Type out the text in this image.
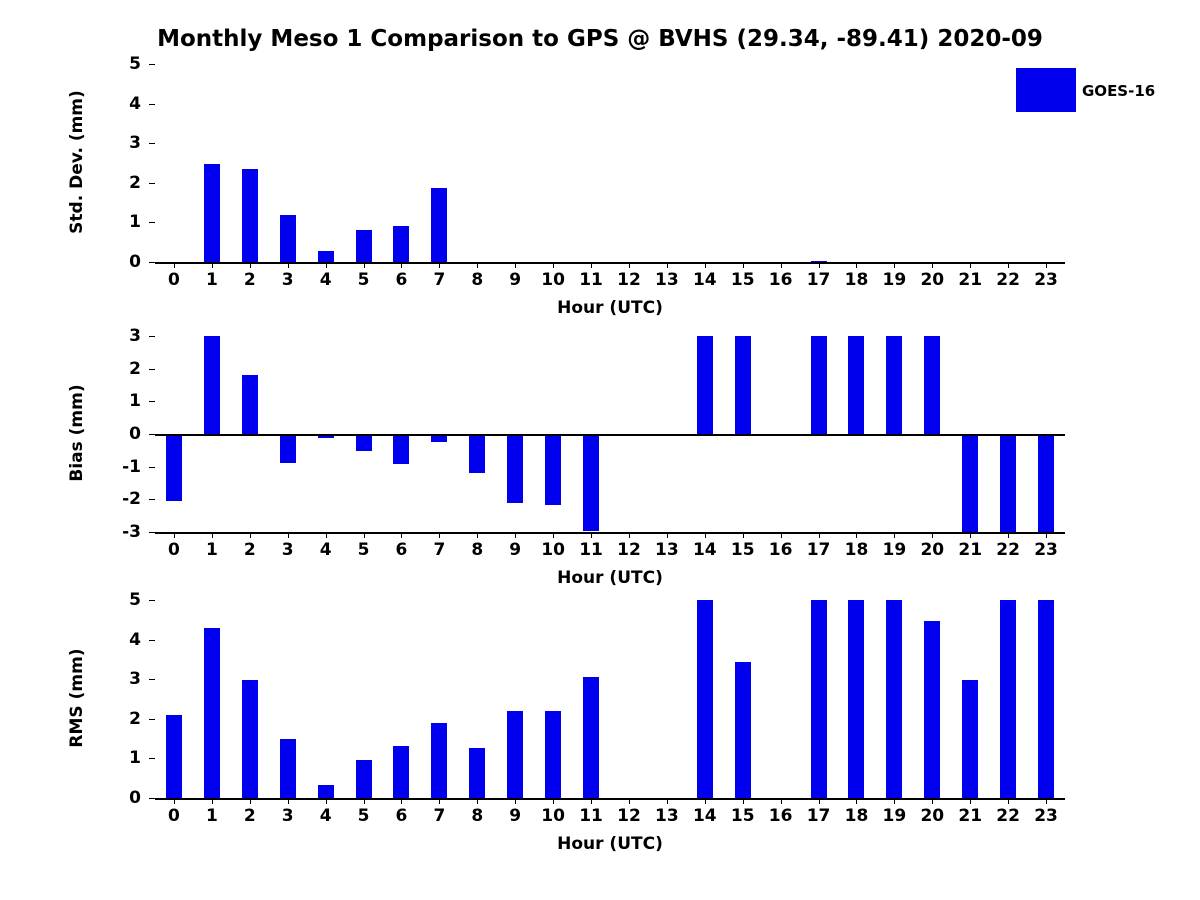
Monthly Meso 1 Comparison to GPS @ BVHS (29.34, -89.41) 2020-09
0
1
2
3
4
5
0	1	2	3	4	5	6	7	8	9	10 11 12 13 14 15 16 17 18 19 20 21 22 23
Hour (UTC)
Std. Dev. (mm)
-3
-2
-1
0
1
2
3
0	1	2	3	4	5	6	7	8	9	10 11 12 13 14 15 16 17 18 19 20 21 22 23
Hour (UTC)
Bias (mm)
0
1
2
3
4
5
0	1	2	3	4	5	6	7	8	9	10 11 12 13 14 15 16 17 18 19 20 21 22 23
Hour (UTC)
RMS (mm)
GOES-16
